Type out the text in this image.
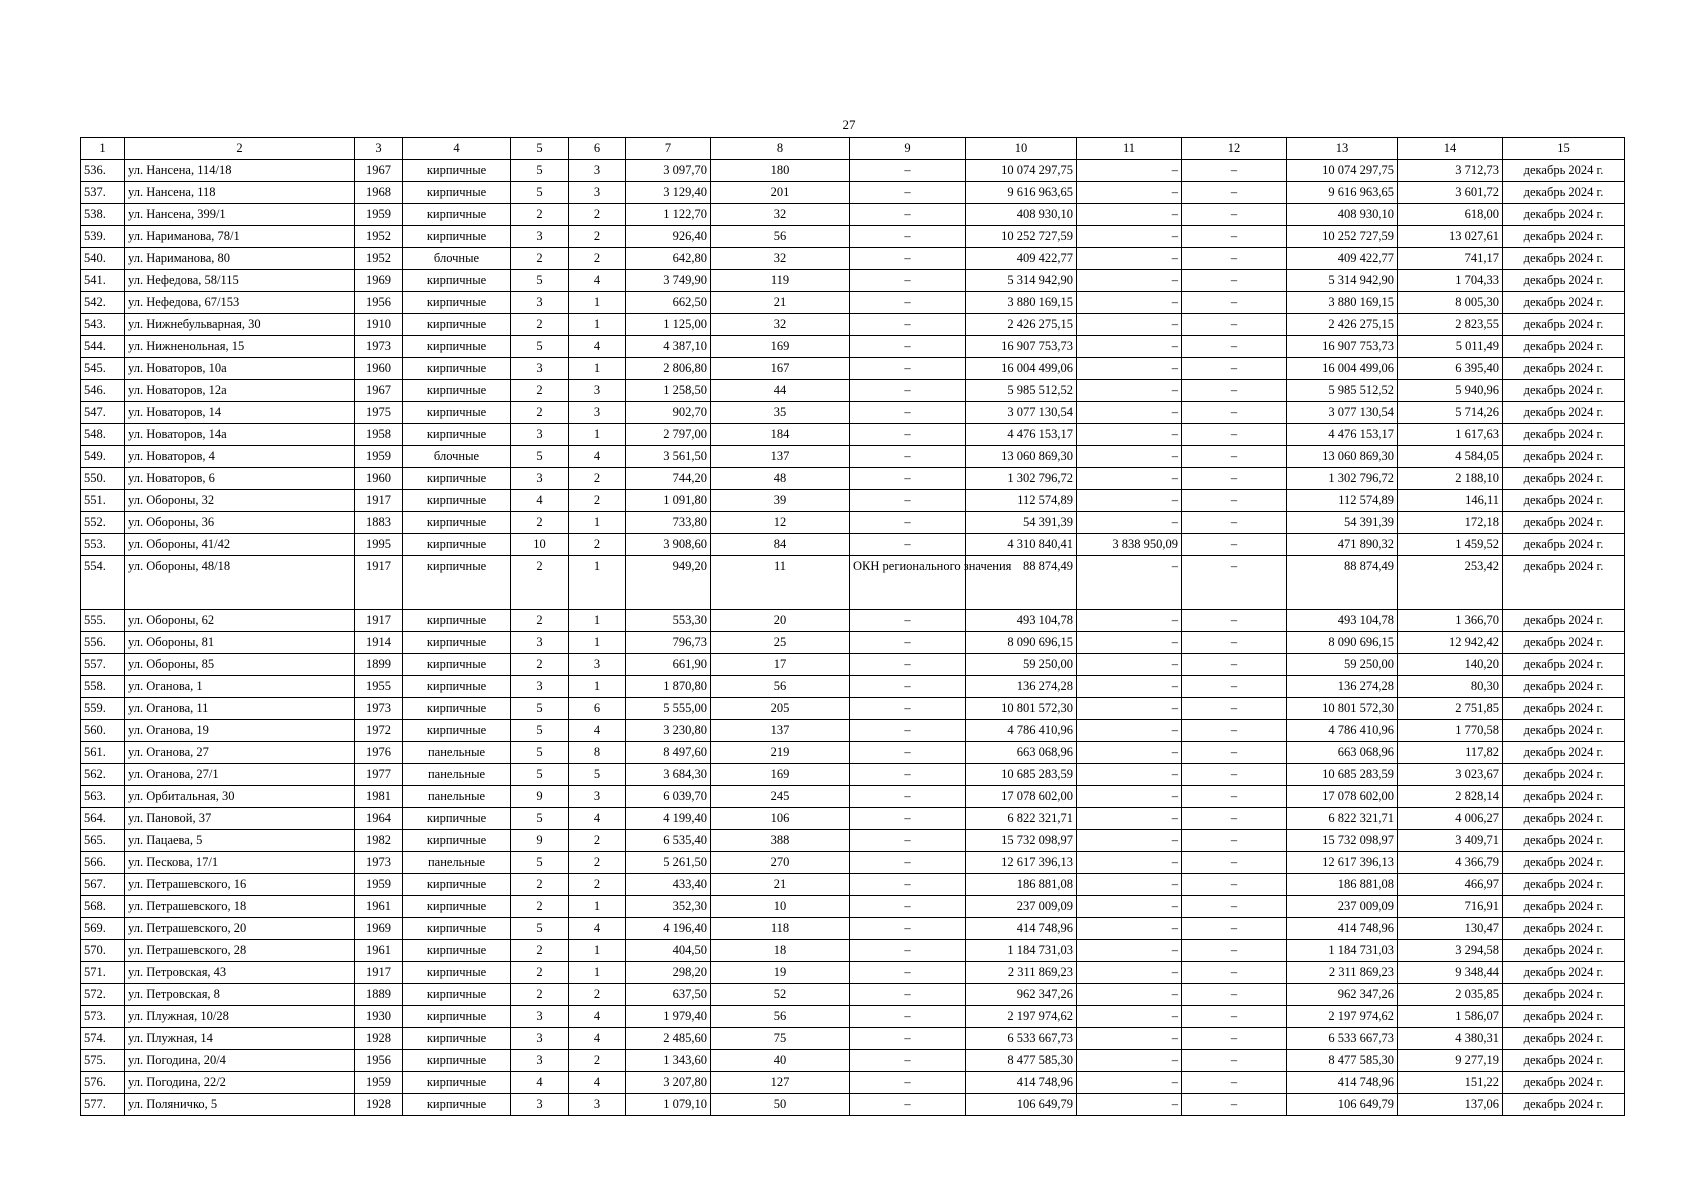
27
1	2	3	4	5	6	7	8	9	10	11	12	13	14	15
536.	ул. Нансена, 114/18	1967	кирпичные	5	3	3 097,70	180	–	10 074 297,75	–	–	10 074 297,75	3 712,73	декабрь 2024 г.
537.	ул. Нансена, 118	1968	кирпичные	5	3	3 129,40	201	–	9 616 963,65	–	–	9 616 963,65	3 601,72	декабрь 2024 г.
538.	ул. Нансена, 399/1	1959	кирпичные	2	2	1 122,70	32	–	408 930,10	–	–	408 930,10	618,00	декабрь 2024 г.
539.	ул. Нариманова, 78/1	1952	кирпичные	3	2	926,40	56	–	10 252 727,59	–	–	10 252 727,59	13 027,61	декабрь 2024 г.
540.	ул. Нариманова, 80	1952	блочные	2	2	642,80	32	–	409 422,77	–	–	409 422,77	741,17	декабрь 2024 г.
541.	ул. Нефедова, 58/115	1969	кирпичные	5	4	3 749,90	119	–	5 314 942,90	–	–	5 314 942,90	1 704,33	декабрь 2024 г.
542.	ул. Нефедова, 67/153	1956	кирпичные	3	1	662,50	21	–	3 880 169,15	–	–	3 880 169,15	8 005,30	декабрь 2024 г.
543.	ул. Нижнебульварная, 30	1910	кирпичные	2	1	1 125,00	32	–	2 426 275,15	–	–	2 426 275,15	2 823,55	декабрь 2024 г.
544.	ул. Нижненольная, 15	1973	кирпичные	5	4	4 387,10	169	–	16 907 753,73	–	–	16 907 753,73	5 011,49	декабрь 2024 г.
545.	ул. Новаторов, 10а	1960	кирпичные	3	1	2 806,80	167	–	16 004 499,06	–	–	16 004 499,06	6 395,40	декабрь 2024 г.
546.	ул. Новаторов, 12а	1967	кирпичные	2	3	1 258,50	44	–	5 985 512,52	–	–	5 985 512,52	5 940,96	декабрь 2024 г.
547.	ул. Новаторов, 14	1975	кирпичные	2	3	902,70	35	–	3 077 130,54	–	–	3 077 130,54	5 714,26	декабрь 2024 г.
548.	ул. Новаторов, 14а	1958	кирпичные	3	1	2 797,00	184	–	4 476 153,17	–	–	4 476 153,17	1 617,63	декабрь 2024 г.
549.	ул. Новаторов, 4	1959	блочные	5	4	3 561,50	137	–	13 060 869,30	–	–	13 060 869,30	4 584,05	декабрь 2024 г.
550.	ул. Новаторов, 6	1960	кирпичные	3	2	744,20	48	–	1 302 796,72	–	–	1 302 796,72	2 188,10	декабрь 2024 г.
551.	ул. Обороны, 32	1917	кирпичные	4	2	1 091,80	39	–	112 574,89	–	–	112 574,89	146,11	декабрь 2024 г.
552.	ул. Обороны, 36	1883	кирпичные	2	1	733,80	12	–	54 391,39	–	–	54 391,39	172,18	декабрь 2024 г.
553.	ул. Обороны, 41/42	1995	кирпичные	10	2	3 908,60	84	–	4 310 840,41	3 838 950,09	–	471 890,32	1 459,52	декабрь 2024 г.
554.	ул. Обороны, 48/18	1917	кирпичные	2	1	949,20	11	ОКН регионального значения	88 874,49	–	–	88 874,49	253,42	декабрь 2024 г.
555.	ул. Обороны, 62	1917	кирпичные	2	1	553,30	20	–	493 104,78	–	–	493 104,78	1 366,70	декабрь 2024 г.
556.	ул. Обороны, 81	1914	кирпичные	3	1	796,73	25	–	8 090 696,15	–	–	8 090 696,15	12 942,42	декабрь 2024 г.
557.	ул. Обороны, 85	1899	кирпичные	2	3	661,90	17	–	59 250,00	–	–	59 250,00	140,20	декабрь 2024 г.
558.	ул. Оганова, 1	1955	кирпичные	3	1	1 870,80	56	–	136 274,28	–	–	136 274,28	80,30	декабрь 2024 г.
559.	ул. Оганова, 11	1973	кирпичные	5	6	5 555,00	205	–	10 801 572,30	–	–	10 801 572,30	2 751,85	декабрь 2024 г.
560.	ул. Оганова, 19	1972	кирпичные	5	4	3 230,80	137	–	4 786 410,96	–	–	4 786 410,96	1 770,58	декабрь 2024 г.
561.	ул. Оганова, 27	1976	панельные	5	8	8 497,60	219	–	663 068,96	–	–	663 068,96	117,82	декабрь 2024 г.
562.	ул. Оганова, 27/1	1977	панельные	5	5	3 684,30	169	–	10 685 283,59	–	–	10 685 283,59	3 023,67	декабрь 2024 г.
563.	ул. Орбитальная, 30	1981	панельные	9	3	6 039,70	245	–	17 078 602,00	–	–	17 078 602,00	2 828,14	декабрь 2024 г.
564.	ул. Пановой, 37	1964	кирпичные	5	4	4 199,40	106	–	6 822 321,71	–	–	6 822 321,71	4 006,27	декабрь 2024 г.
565.	ул. Пацаева, 5	1982	кирпичные	9	2	6 535,40	388	–	15 732 098,97	–	–	15 732 098,97	3 409,71	декабрь 2024 г.
566.	ул. Пескова, 17/1	1973	панельные	5	2	5 261,50	270	–	12 617 396,13	–	–	12 617 396,13	4 366,79	декабрь 2024 г.
567.	ул. Петрашевского, 16	1959	кирпичные	2	2	433,40	21	–	186 881,08	–	–	186 881,08	466,97	декабрь 2024 г.
568.	ул. Петрашевского, 18	1961	кирпичные	2	1	352,30	10	–	237 009,09	–	–	237 009,09	716,91	декабрь 2024 г.
569.	ул. Петрашевского, 20	1969	кирпичные	5	4	4 196,40	118	–	414 748,96	–	–	414 748,96	130,47	декабрь 2024 г.
570.	ул. Петрашевского, 28	1961	кирпичные	2	1	404,50	18	–	1 184 731,03	–	–	1 184 731,03	3 294,58	декабрь 2024 г.
571.	ул. Петровская, 43	1917	кирпичные	2	1	298,20	19	–	2 311 869,23	–	–	2 311 869,23	9 348,44	декабрь 2024 г.
572.	ул. Петровская, 8	1889	кирпичные	2	2	637,50	52	–	962 347,26	–	–	962 347,26	2 035,85	декабрь 2024 г.
573.	ул. Плужная, 10/28	1930	кирпичные	3	4	1 979,40	56	–	2 197 974,62	–	–	2 197 974,62	1 586,07	декабрь 2024 г.
574.	ул. Плужная, 14	1928	кирпичные	3	4	2 485,60	75	–	6 533 667,73	–	–	6 533 667,73	4 380,31	декабрь 2024 г.
575.	ул. Погодина, 20/4	1956	кирпичные	3	2	1 343,60	40	–	8 477 585,30	–	–	8 477 585,30	9 277,19	декабрь 2024 г.
576.	ул. Погодина, 22/2	1959	кирпичные	4	4	3 207,80	127	–	414 748,96	–	–	414 748,96	151,22	декабрь 2024 г.
577.	ул. Поляничко, 5	1928	кирпичные	3	3	1 079,10	50	–	106 649,79	–	–	106 649,79	137,06	декабрь 2024 г.
